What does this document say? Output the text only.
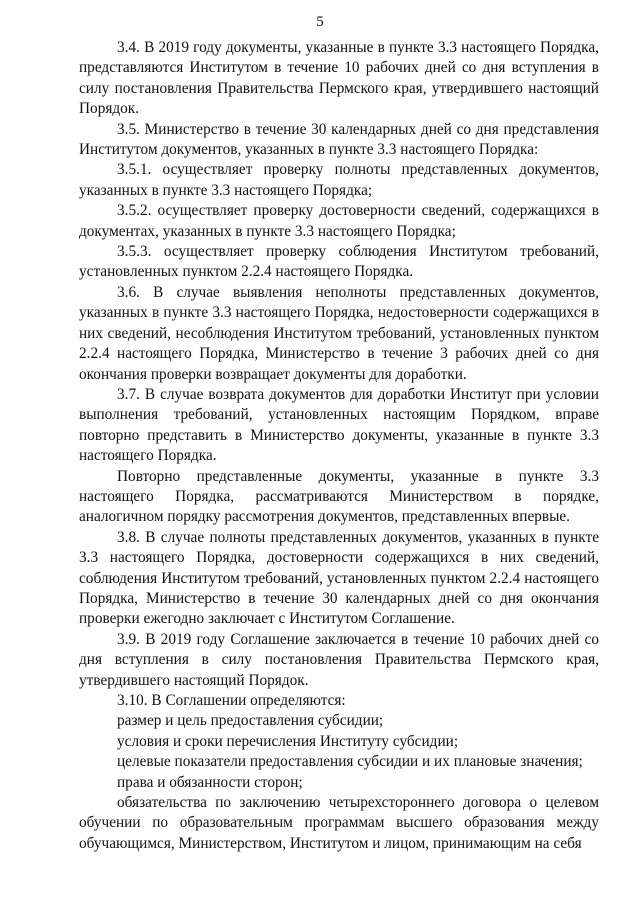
5

3.4. В 2019 году документы, указанные в пункте 3.3 настоящего Порядка, представляются Институтом в течение 10 рабочих дней со дня вступления в силу постановления Правительства Пермского края, утвердившего настоящий Порядок.

3.5. Министерство в течение 30 календарных дней со дня представления Институтом документов, указанных в пункте 3.3 настоящего Порядка:

3.5.1. осуществляет проверку полноты представленных документов, указанных в пункте 3.3 настоящего Порядка;

3.5.2. осуществляет проверку достоверности сведений, содержащихся в документах, указанных в пункте 3.3 настоящего Порядка;

3.5.3. осуществляет проверку соблюдения Институтом требований, установленных пунктом 2.2.4 настоящего Порядка.

3.6. В случае выявления неполноты представленных документов, указанных в пункте 3.3 настоящего Порядка, недостоверности содержащихся в них сведений, несоблюдения Институтом требований, установленных пунктом 2.2.4 настоящего Порядка, Министерство в течение 3 рабочих дней со дня окончания проверки возвращает документы для доработки.

3.7. В случае возврата документов для доработки Институт при условии выполнения требований, установленных настоящим Порядком, вправе повторно представить в Министерство документы, указанные в пункте 3.3 настоящего Порядка.

Повторно представленные документы, указанные в пункте 3.3 настоящего Порядка, рассматриваются Министерством в порядке, аналогичном порядку рассмотрения документов, представленных впервые.

3.8. В случае полноты представленных документов, указанных в пункте 3.3 настоящего Порядка, достоверности содержащихся в них сведений, соблюдения Институтом требований, установленных пунктом 2.2.4 настоящего Порядка, Министерство в течение 30 календарных дней со дня окончания проверки ежегодно заключает с Институтом Соглашение.

3.9. В 2019 году Соглашение заключается в течение 10 рабочих дней со дня вступления в силу постановления Правительства Пермского края, утвердившего настоящий Порядок.

3.10. В Соглашении определяются:

размер и цель предоставления субсидии;

условия и сроки перечисления Институту субсидии;

целевые показатели предоставления субсидии и их плановые значения;

права и обязанности сторон;

обязательства по заключению четырехстороннего договора о целевом обучении по образовательным программам высшего образования между обучающимся, Министерством, Институтом и лицом, принимающим на себя
